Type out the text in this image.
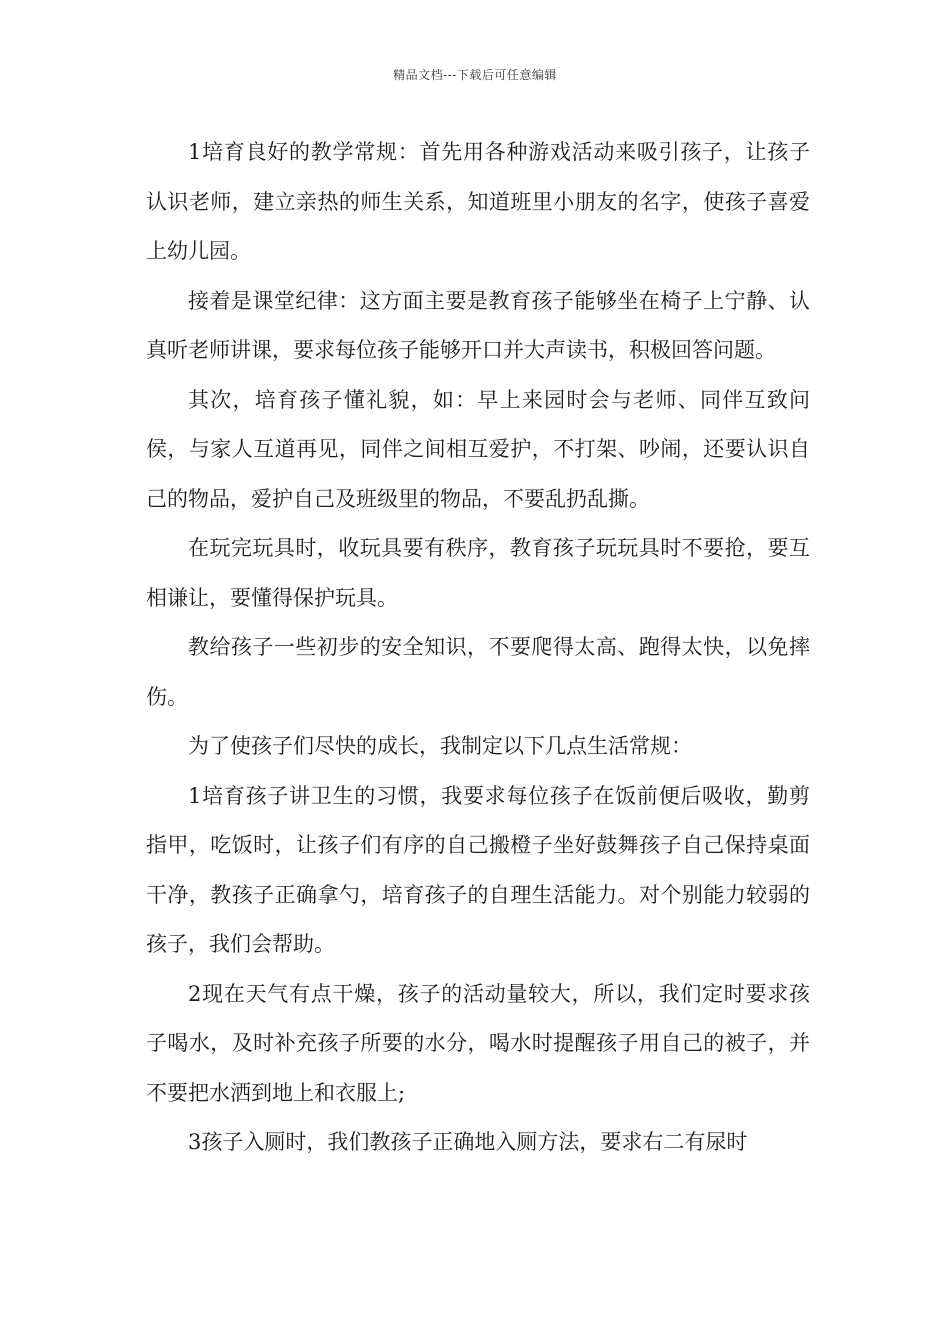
精品文档---下载后可任意编辑

1培育良好的教学常规：首先用各种游戏活动来吸引孩子，让孩子认识老师，建立亲热的师生关系，知道班里小朋友的名字，使孩子喜爱上幼儿园。

接着是课堂纪律：这方面主要是教育孩子能够坐在椅子上宁静、认真听老师讲课，要求每位孩子能够开口并大声读书，积极回答问题。

其次，培育孩子懂礼貌，如：早上来园时会与老师、同伴互致问侯，与家人互道再见，同伴之间相互爱护，不打架、吵闹，还要认识自己的物品，爱护自己及班级里的物品，不要乱扔乱撕。

在玩完玩具时，收玩具要有秩序，教育孩子玩玩具时不要抢，要互相谦让，要懂得保护玩具。

教给孩子一些初步的安全知识，不要爬得太高、跑得太快，以免摔伤。

为了使孩子们尽快的成长，我制定以下几点生活常规：

1培育孩子讲卫生的习惯，我要求每位孩子在饭前便后吸收，勤剪指甲，吃饭时，让孩子们有序的自己搬橙子坐好鼓舞孩子自己保持桌面干净，教孩子正确拿勺，培育孩子的自理生活能力。对个别能力较弱的孩子，我们会帮助。

2现在天气有点干燥，孩子的活动量较大，所以，我们定时要求孩子喝水，及时补充孩子所要的水分，喝水时提醒孩子用自己的被子，并不要把水洒到地上和衣服上;

3孩子入厕时，我们教孩子正确地入厕方法，要求右二有尿时
